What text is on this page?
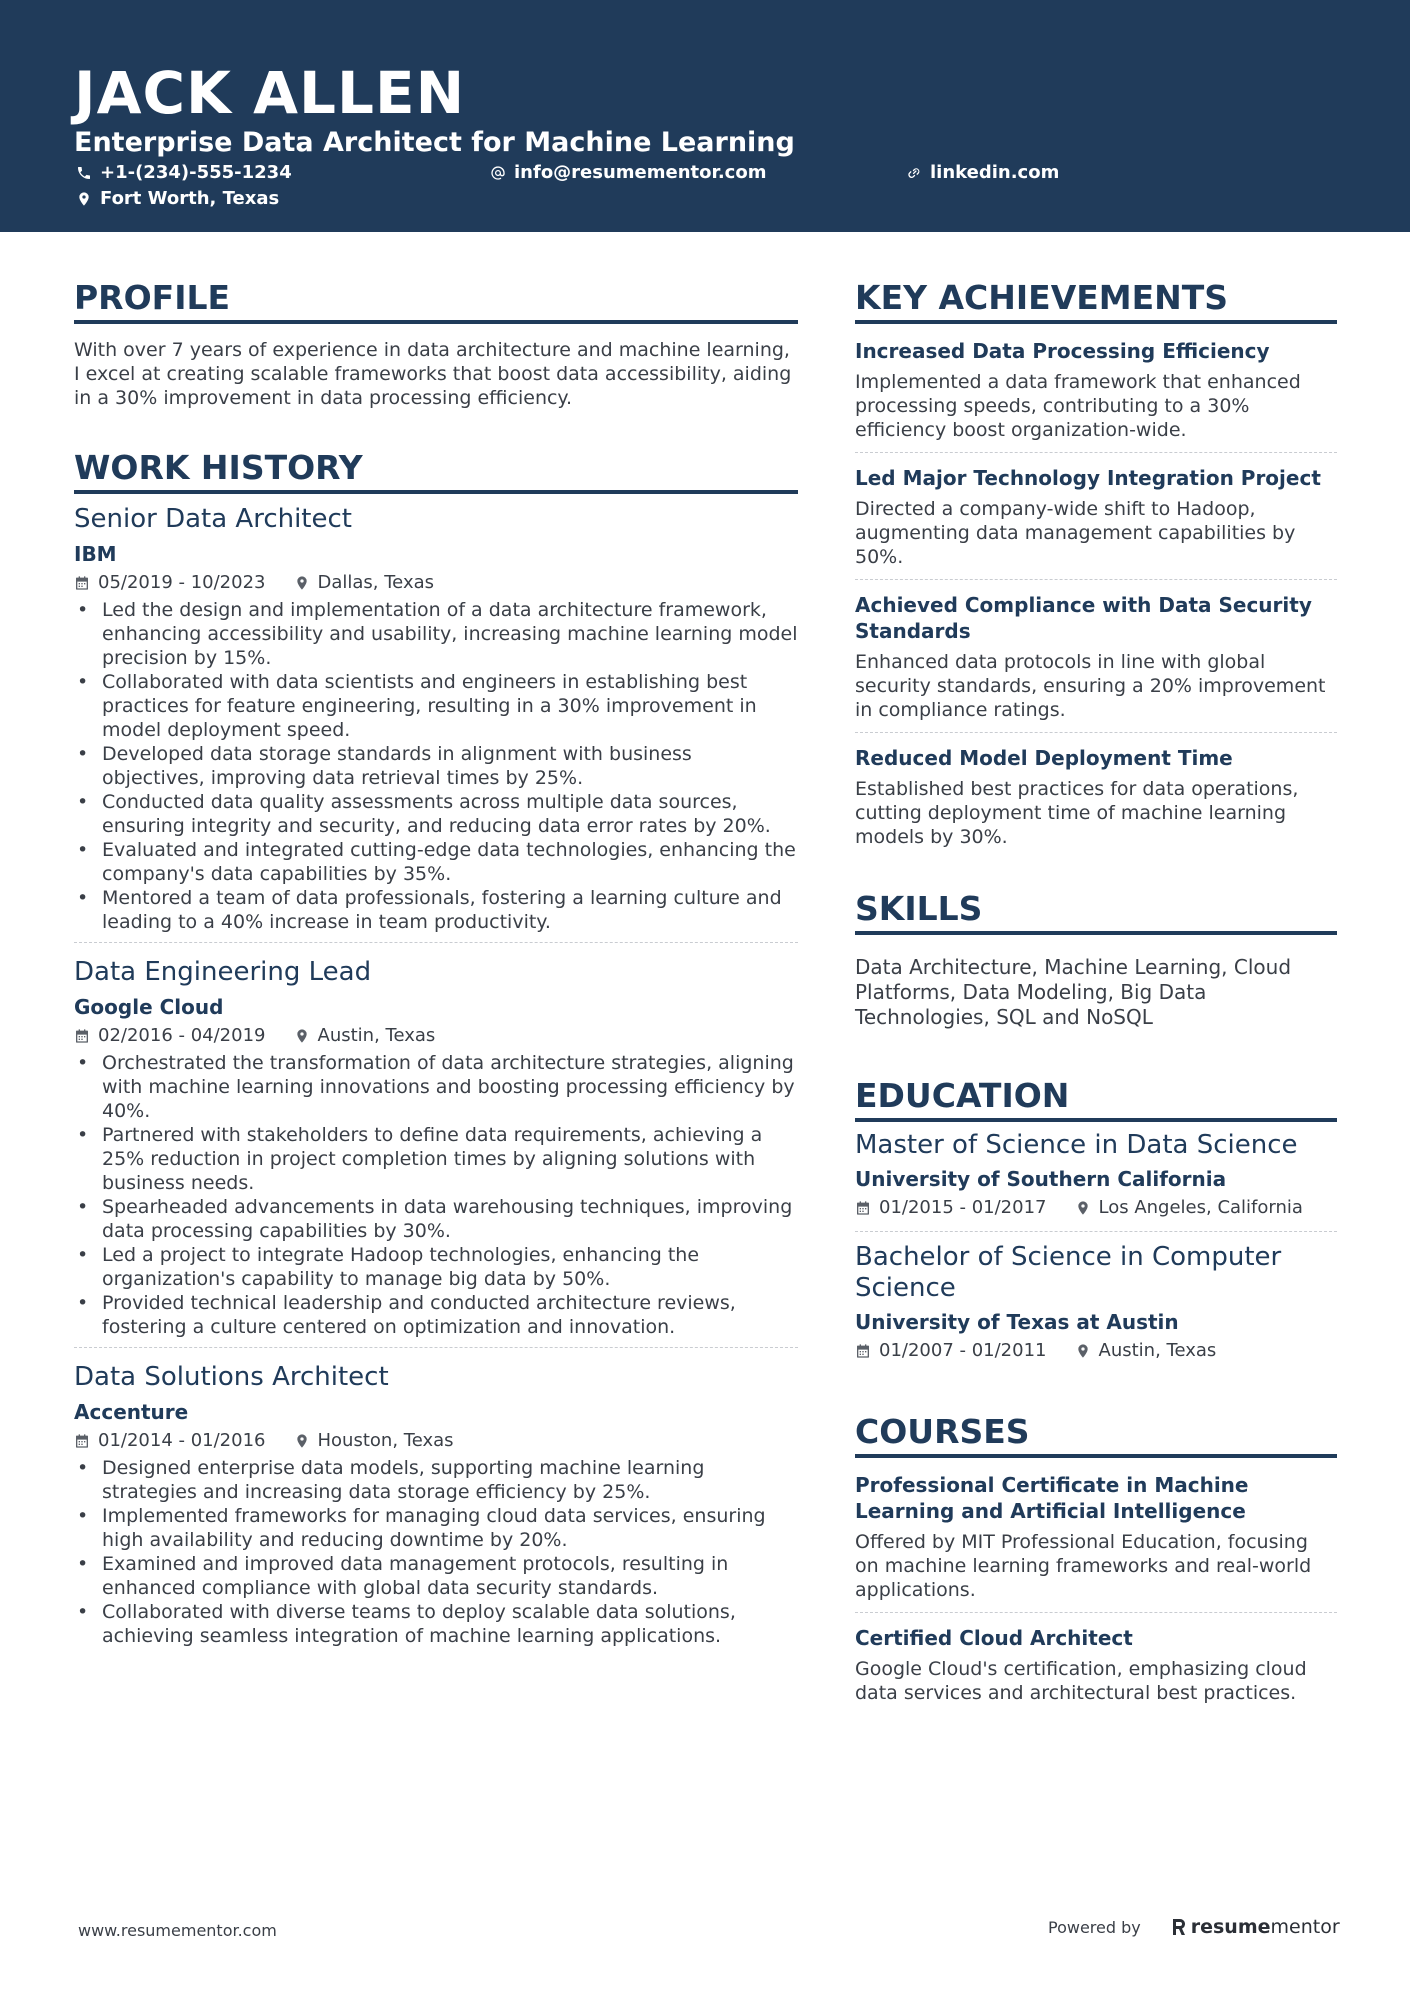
JACK ALLEN
Enterprise Data Architect for Machine Learning
+1-(234)-555-1234	info@resumementor.com	linkedin.com
Fort Worth, Texas
PROFILE

With over 7 years of experience in data architecture and machine learning, I excel at creating scalable frameworks that boost data accessibility, aiding in a 30% improvement in data processing efficiency.

WORK HISTORY
Senior Data Architect
IBM
05/2019 - 10/2023	Dallas, Texas
• Led the design and implementation of a data architecture framework, enhancing accessibility and usability, increasing machine learning model precision by 15%.
• Collaborated with data scientists and engineers in establishing best practices for feature engineering, resulting in a 30% improvement in model deployment speed.
• Developed data storage standards in alignment with business objectives, improving data retrieval times by 25%.
• Conducted data quality assessments across multiple data sources, ensuring integrity and security, and reducing data error rates by 20%.
• Evaluated and integrated cutting-edge data technologies, enhancing the company's data capabilities by 35%.
• Mentored a team of data professionals, fostering a learning culture and leading to a 40% increase in team productivity.
Data Engineering Lead
Google Cloud
02/2016 - 04/2019	Austin, Texas
• Orchestrated the transformation of data architecture strategies, aligning with machine learning innovations and boosting processing efficiency by 40%.
• Partnered with stakeholders to define data requirements, achieving a 25% reduction in project completion times by aligning solutions with business needs.
• Spearheaded advancements in data warehousing techniques, improving data processing capabilities by 30%.
• Led a project to integrate Hadoop technologies, enhancing the organization's capability to manage big data by 50%.
• Provided technical leadership and conducted architecture reviews, fostering a culture centered on optimization and innovation.
Data Solutions Architect
Accenture
01/2014 - 01/2016	Houston, Texas
• Designed enterprise data models, supporting machine learning strategies and increasing data storage efficiency by 25%.
• Implemented frameworks for managing cloud data services, ensuring high availability and reducing downtime by 20%.
• Examined and improved data management protocols, resulting in enhanced compliance with global data security standards.
• Collaborated with diverse teams to deploy scalable data solutions, achieving seamless integration of machine learning applications.
KEY ACHIEVEMENTS
Increased Data Processing Efficiency
Implemented a data framework that enhanced processing speeds, contributing to a 30% efficiency boost organization-wide.
Led Major Technology Integration Project
Directed a company-wide shift to Hadoop, augmenting data management capabilities by 50%.
Achieved Compliance with Data Security Standards
Enhanced data protocols in line with global security standards, ensuring a 20% improvement in compliance ratings.
Reduced Model Deployment Time
Established best practices for data operations, cutting deployment time of machine learning models by 30%.
SKILLS

Data Architecture, Machine Learning, Cloud Platforms, Data Modeling, Big Data Technologies, SQL and NoSQL

EDUCATION
Master of Science in Data Science
University of Southern California
01/2015 - 01/2017	Los Angeles, California
Bachelor of Science in Computer Science
University of Texas at Austin
01/2007 - 01/2011	Austin, Texas
COURSES
Professional Certificate in Machine Learning and Artificial Intelligence
Offered by MIT Professional Education, focusing on machine learning frameworks and real-world applications.
Certified Cloud Architect
Google Cloud's certification, emphasizing cloud data services and architectural best practices.
www.resumementor.com	Powered by	resume mentor
